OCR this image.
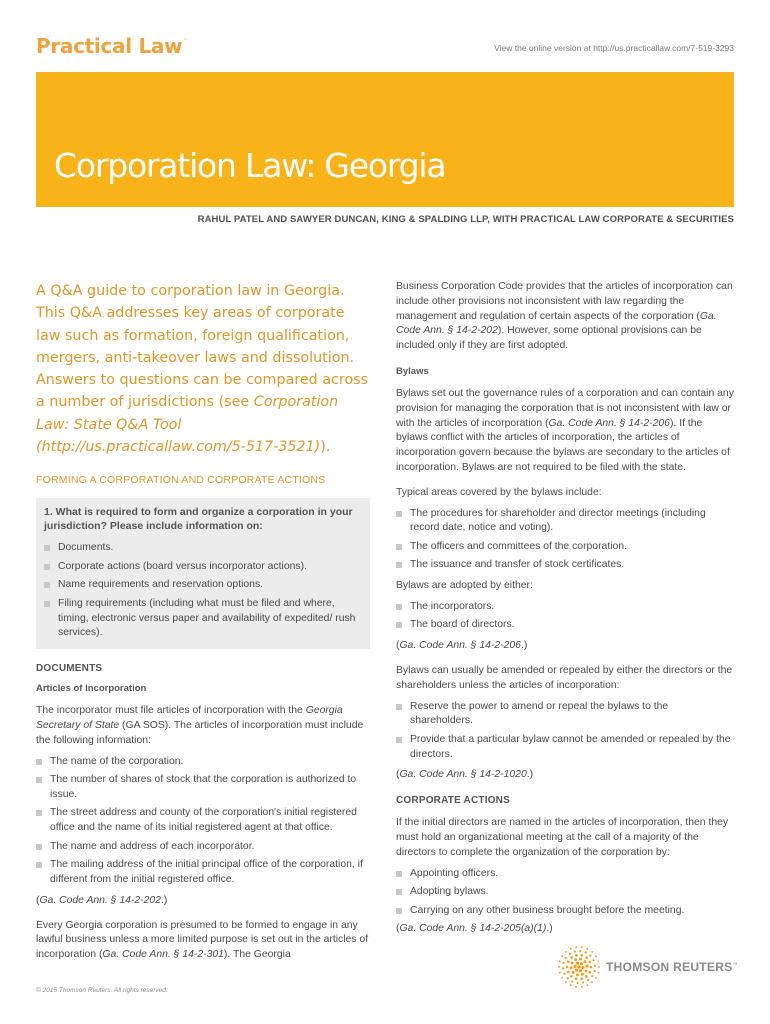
Practical Law™
View the online version at http://us.practicallaw.com/7-519-3293
Corporation Law: Georgia
RAHUL PATEL AND SAWYER DUNCAN, KING & SPALDING LLP, WITH PRACTICAL LAW CORPORATE & SECURITIES
A Q&A guide to corporation law in Georgia. This Q&A addresses key areas of corporate law such as formation, foreign qualification, mergers, anti-takeover laws and dissolution. Answers to questions can be compared across a number of jurisdictions (see Corporation Law: State Q&A Tool (http://us.practicallaw.com/5-517-3521)).
FORMING A CORPORATION AND CORPORATE ACTIONS
1. What is required to form and organize a corporation in your jurisdiction? Please include information on:
Documents.
Corporate actions (board versus incorporator actions).
Name requirements and reservation options.
Filing requirements (including what must be filed and where, timing, electronic versus paper and availability of expedited/ rush services).
DOCUMENTS
Articles of Incorporation

The incorporator must file articles of incorporation with the Georgia Secretary of State (GA SOS). The articles of incorporation must include the following information:

The name of the corporation.
The number of shares of stock that the corporation is authorized to issue.
The street address and county of the corporation's initial registered office and the name of its initial registered agent at that office.
The name and address of each incorporator.
The mailing address of the initial principal office of the corporation, if different from the initial registered office.

(Ga. Code Ann. § 14-2-202.)

Every Georgia corporation is presumed to be formed to engage in any lawful business unless a more limited purpose is set out in the articles of incorporation (Ga. Code Ann. § 14-2-301). The Georgia

Business Corporation Code provides that the articles of incorporation can include other provisions not inconsistent with law regarding the management and regulation of certain aspects of the corporation (Ga. Code Ann. § 14-2-202). However, some optional provisions can be included only if they are first adopted.

Bylaws

Bylaws set out the governance rules of a corporation and can contain any provision for managing the corporation that is not inconsistent with law or with the articles of incorporation (Ga. Code Ann. § 14-2-206). If the bylaws conflict with the articles of incorporation, the articles of incorporation govern because the bylaws are secondary to the articles of incorporation. Bylaws are not required to be filed with the state.

Typical areas covered by the bylaws include:

The procedures for shareholder and director meetings (including record date, notice and voting).
The officers and committees of the corporation.
The issuance and transfer of stock certificates.

Bylaws are adopted by either:

The incorporators.
The board of directors.

(Ga. Code Ann. § 14-2-206.)

Bylaws can usually be amended or repealed by either the directors or the shareholders unless the articles of incorporation:

Reserve the power to amend or repeal the bylaws to the shareholders.
Provide that a particular bylaw cannot be amended or repealed by the directors.

(Ga. Code Ann. § 14-2-1020.)

CORPORATE ACTIONS

If the initial directors are named in the articles of incorporation, then they must hold an organizational meeting at the call of a majority of the directors to complete the organization of the corporation by:

Appointing officers.
Adopting bylaws.
Carrying on any other business brought before the meeting.

(Ga. Code Ann. § 14-2-205(a)(1).)

© 2015 Thomson Reuters. All rights reserved.
THOMSON REUTERS™
